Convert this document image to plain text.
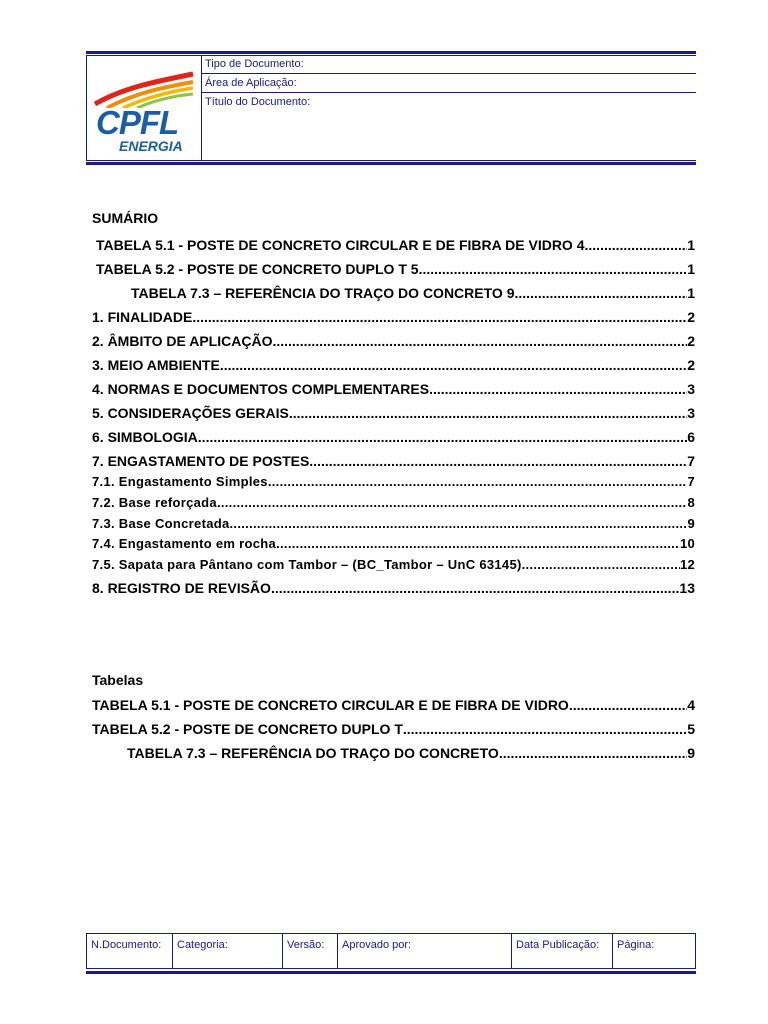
CPFL
ENERGIA
Tipo de Documento:
Área de Aplicação:
Título do Documento:
SUMÁRIO
TABELA 5.1 - POSTE DE CONCRETO CIRCULAR E DE FIBRA DE VIDRO 4 .....	1
TABELA 5.2 - POSTE DE CONCRETO DUPLO T 5 .....	1
TABELA 7.3 – REFERÊNCIA DO TRAÇO DO CONCRETO 9 .....	1
1. FINALIDADE .....	2
2. ÂMBITO DE APLICAÇÃO .....	2
3. MEIO AMBIENTE .....	2
4. NORMAS E DOCUMENTOS COMPLEMENTARES .....	3
5. CONSIDERAÇÕES GERAIS .....	3
6. SIMBOLOGIA .....	6
7. ENGASTAMENTO DE POSTES .....	7
7.1. Engastamento Simples .....	7
7.2. Base reforçada .....	8
7.3. Base Concretada .....	9
7.4. Engastamento em rocha .....	10
7.5. Sapata para Pântano com Tambor – (BC_Tambor – UnC 63145) .....	12
8. REGISTRO DE REVISÃO .....	13
Tabelas
TABELA 5.1 - POSTE DE CONCRETO CIRCULAR E DE FIBRA DE VIDRO .....	4
TABELA 5.2 - POSTE DE CONCRETO DUPLO T .....	5
TABELA 7.3 – REFERÊNCIA DO TRAÇO DO CONCRETO .....	9
N.Documento:	Categoria:	Versão:	Aprovado por:	Data Publicação:	Página:
